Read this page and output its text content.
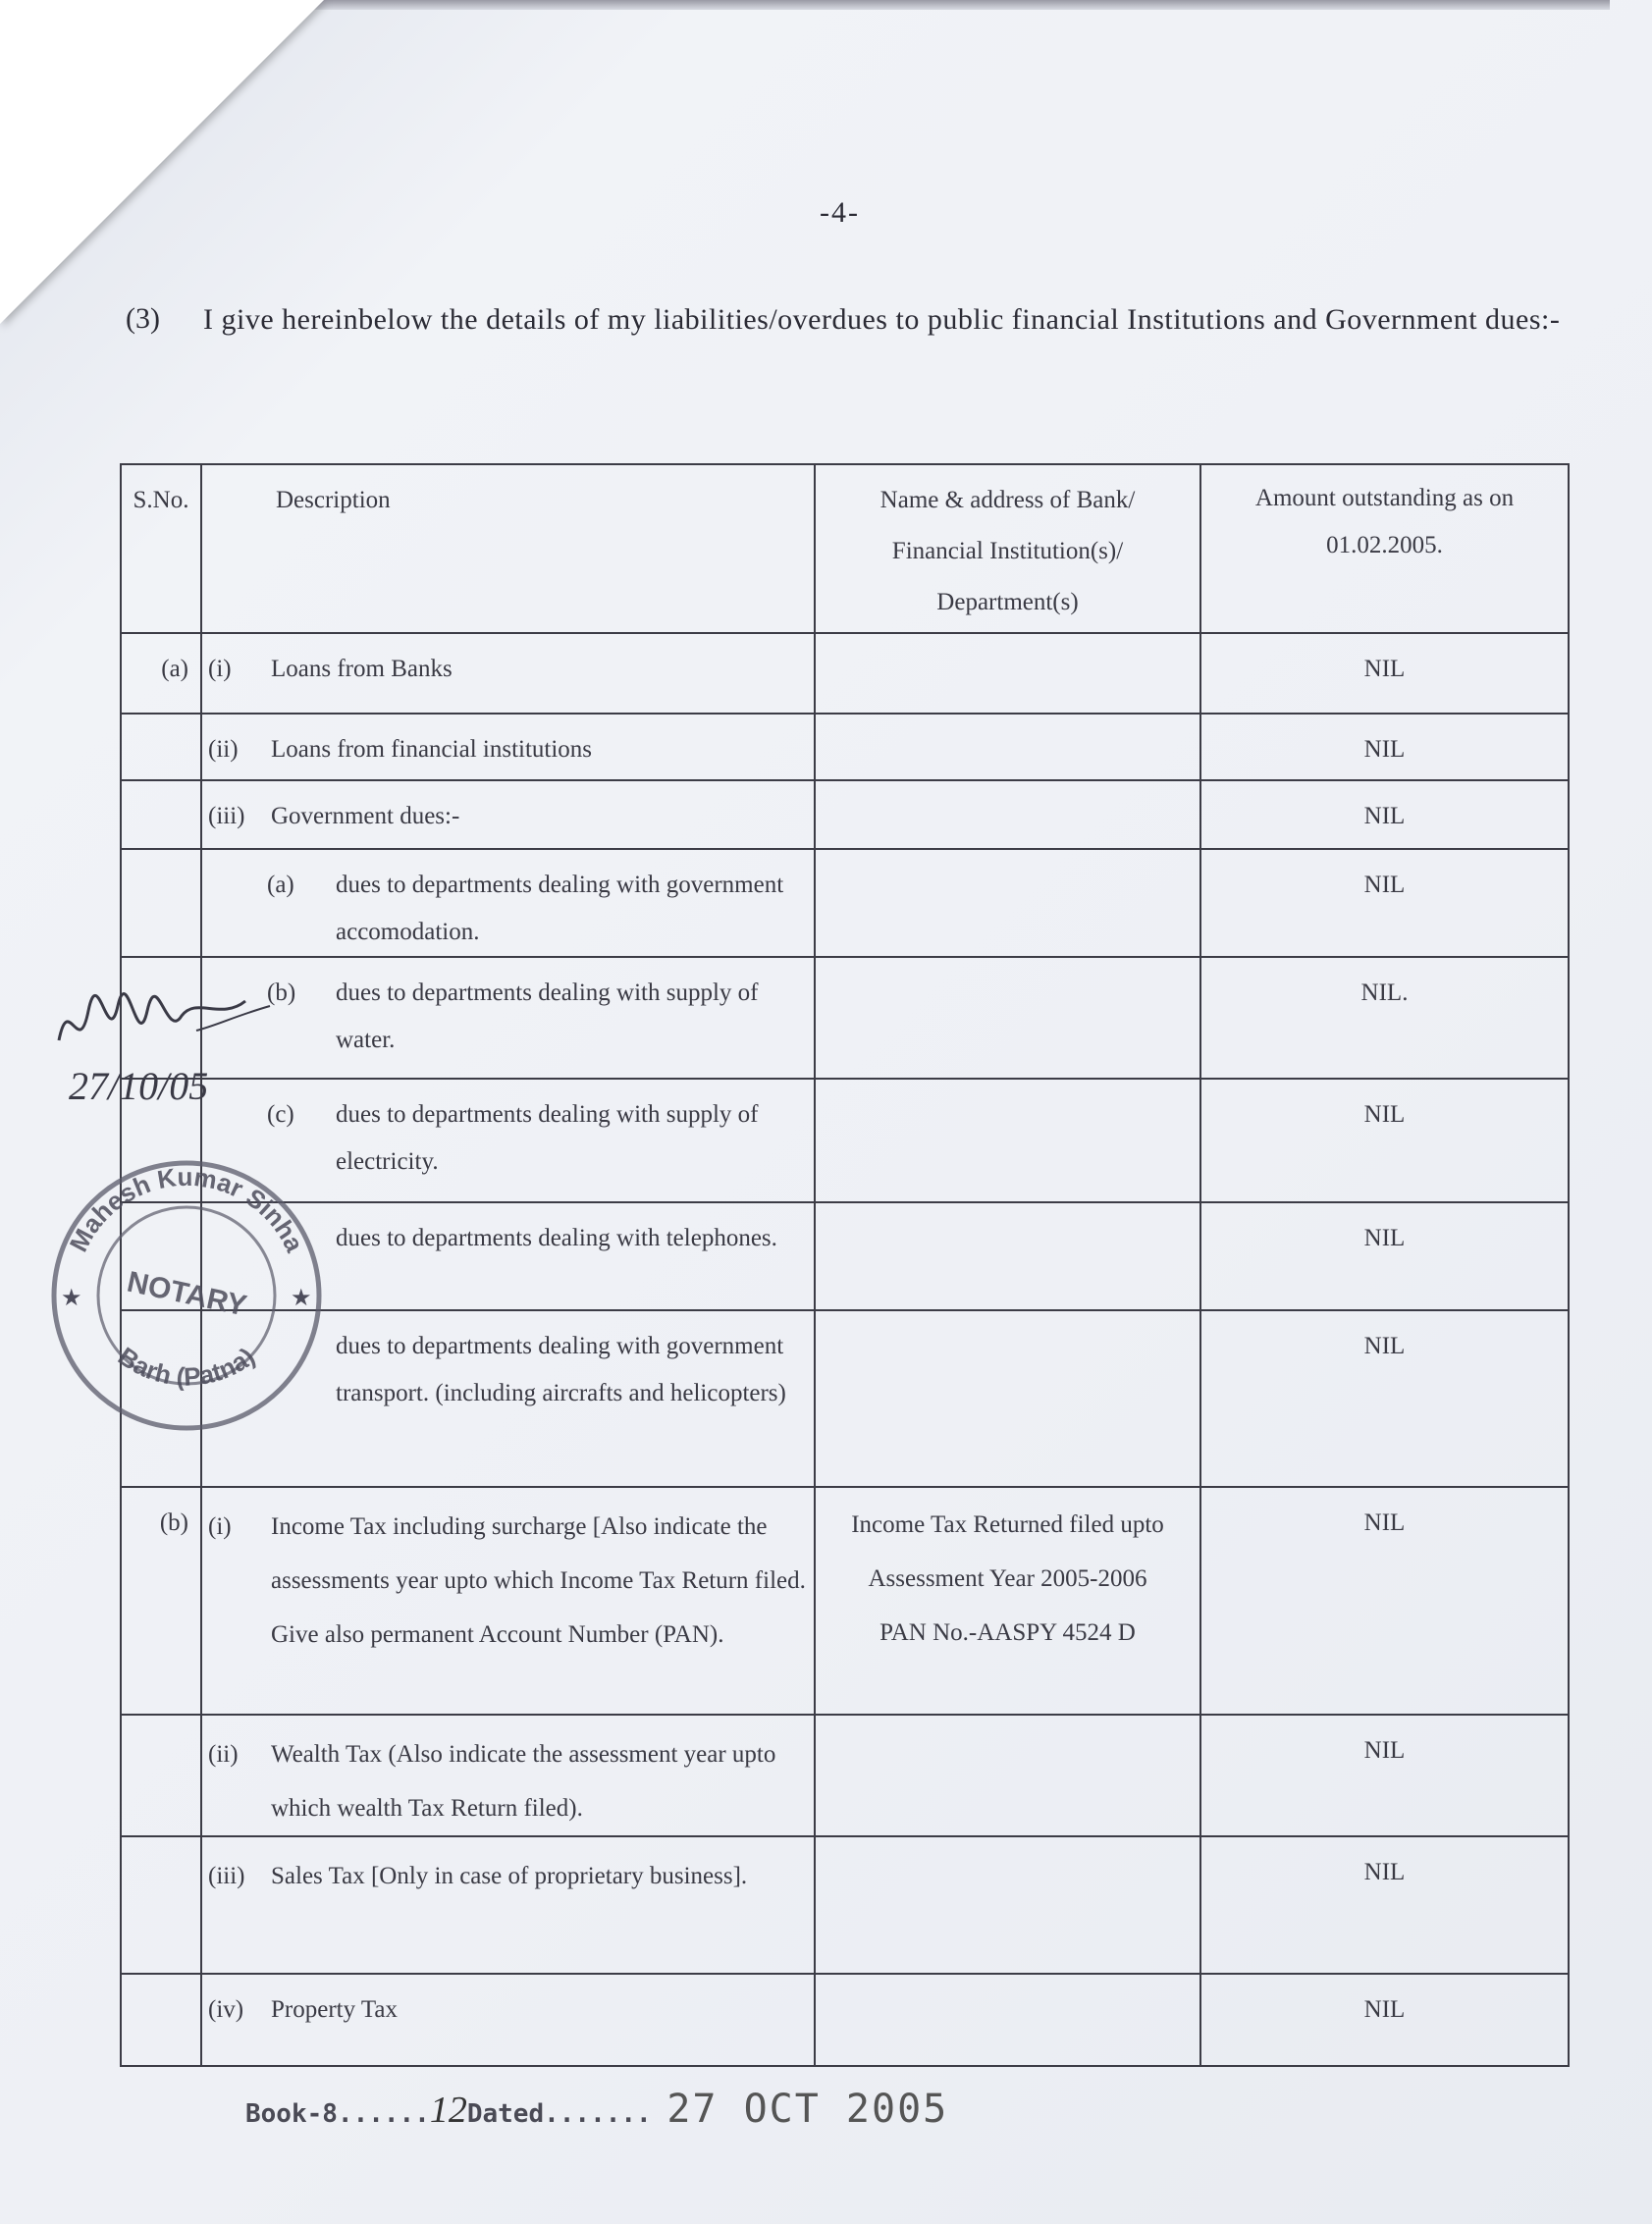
-4-
(3) I give hereinbelow the details of my liabilities/overdues to public financial Institutions and Government dues:-
S.No.	Description	Name & address of Bank/ Financial Institution(s)/ Department(s)	Amount outstanding as on 01.02.2005.

(a)	(i) Loans from Banks		NIL

	(ii) Loans from financial institutions		NIL

	(iii) Government dues:-		NIL

	(a) dues to departments dealing with government accomodation.		NIL

	(b) dues to departments dealing with supply of water.		NIL.

	(c) dues to departments dealing with supply of electricity.		NIL

	dues to departments dealing with telephones.		NIL

	dues to departments dealing with government transport. (including aircrafts and helicopters)		NIL

(b)	(i) Income Tax including surcharge [Also indicate the assessments year upto which Income Tax Return filed. Give also permanent Account Number (PAN).	Income Tax Returned filed upto Assessment Year 2005-2006 PAN No.-AASPY 4524 D	NIL

	(ii) Wealth Tax (Also indicate the assessment year upto which wealth Tax Return filed).		NIL

	(iii) Sales Tax [Only in case of proprietary business].		NIL

	(iv) Property Tax		NIL
27/10/05
Mahesh Kumar Sinha
Barh (Patna)
NOTARY
★	★
Book-8......12Dated....... 27 OCT 2005
